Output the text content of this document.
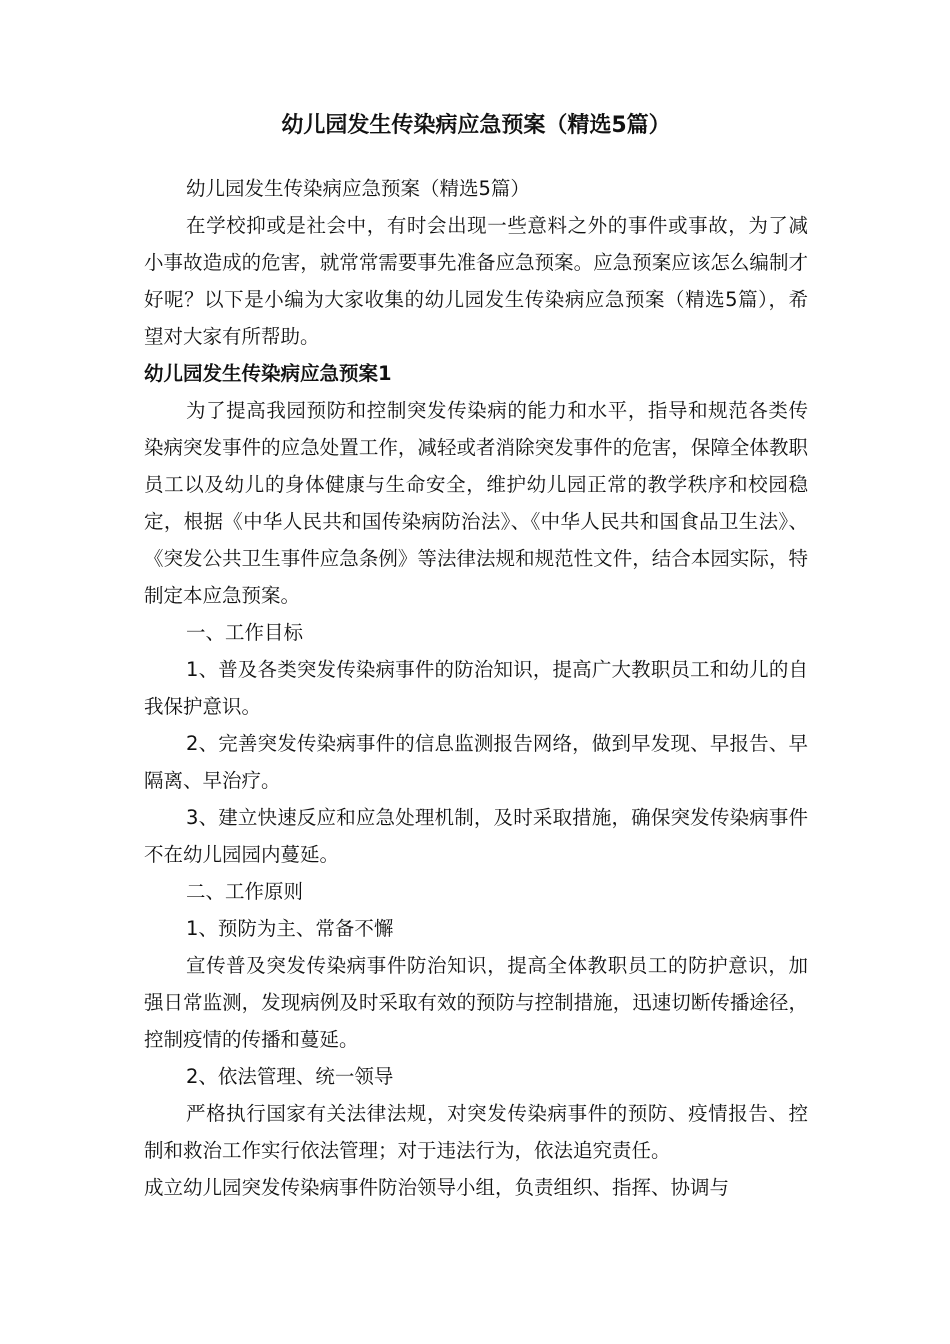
幼儿园发生传染病应急预案（精选5篇）

幼儿园发生传染病应急预案（精选5篇）

在学校抑或是社会中，有时会出现一些意料之外的事件或事故，为了减小事故造成的危害，就常常需要事先准备应急预案。应急预案应该怎么编制才好呢？以下是小编为大家收集的幼儿园发生传染病应急预案（精选5篇），希望对大家有所帮助。

幼儿园发生传染病应急预案1

为了提高我园预防和控制突发传染病的能力和水平，指导和规范各类传染病突发事件的应急处置工作，减轻或者消除突发事件的危害，保障全体教职员工以及幼儿的身体健康与生命安全，维护幼儿园正常的教学秩序和校园稳定，根据《中华人民共和国传染病防治法》、《中华人民共和国食品卫生法》、《突发公共卫生事件应急条例》等法律法规和规范性文件，结合本园实际，特制定本应急预案。

一、工作目标

1、普及各类突发传染病事件的防治知识，提高广大教职员工和幼儿的自我保护意识。

2、完善突发传染病事件的信息监测报告网络，做到早发现、早报告、早隔离、早治疗。

3、建立快速反应和应急处理机制，及时采取措施，确保突发传染病事件不在幼儿园园内蔓延。

二、工作原则

1、预防为主、常备不懈

宣传普及突发传染病事件防治知识，提高全体教职员工的防护意识，加强日常监测，发现病例及时采取有效的预防与控制措施，迅速切断传播途径，控制疫情的传播和蔓延。

2、依法管理、统一领导

严格执行国家有关法律法规，对突发传染病事件的预防、疫情报告、控制和救治工作实行依法管理；对于违法行为，依法追究责任。

成立幼儿园突发传染病事件防治领导小组，负责组织、指挥、协调与
